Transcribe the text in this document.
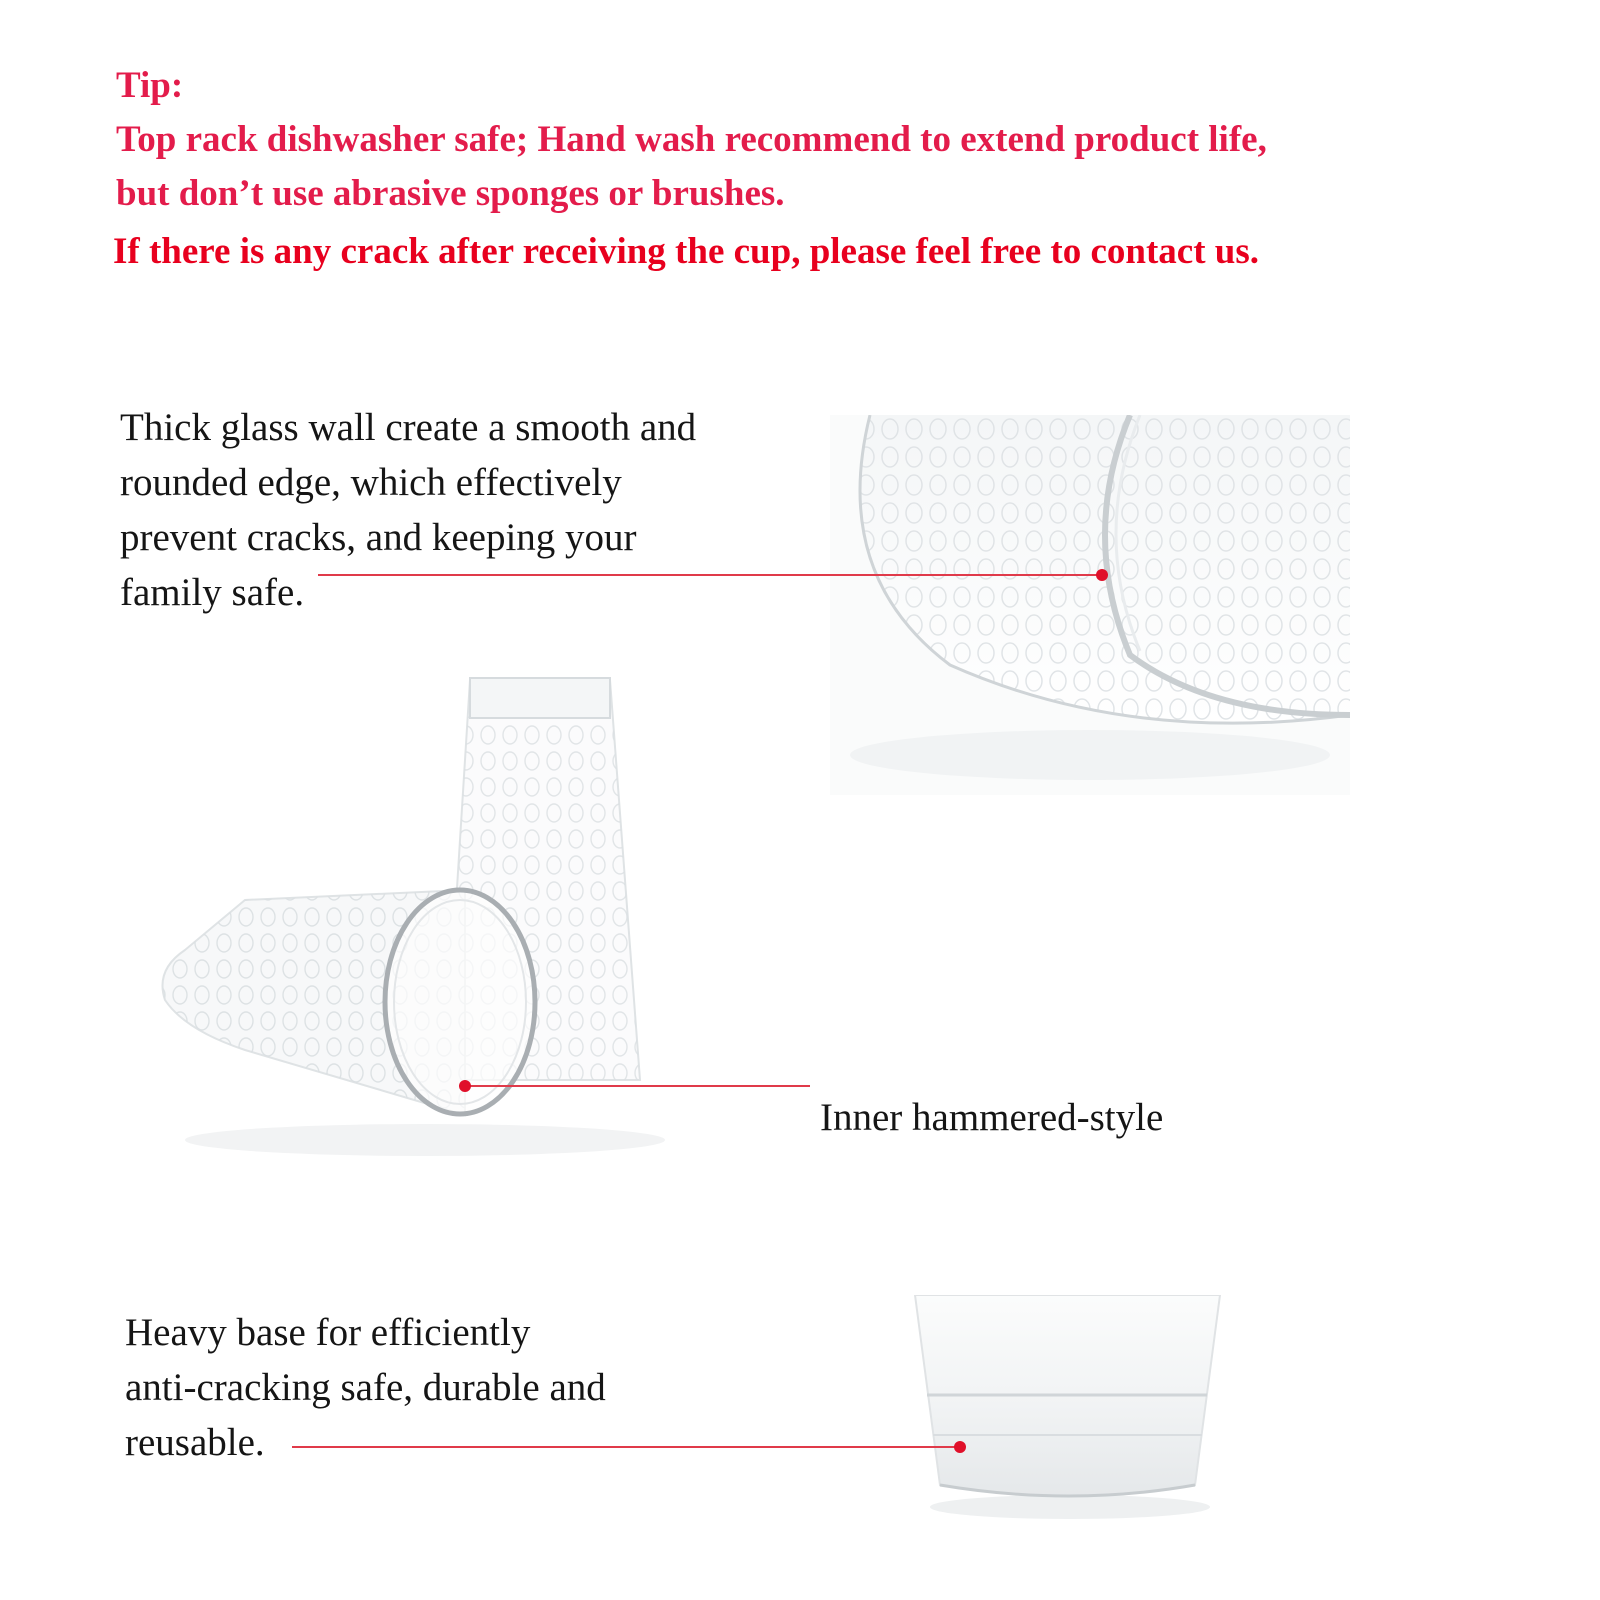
Tip:
Top rack dishwasher safe; Hand wash recommend to extend product life,
but don’t use abrasive sponges or brushes.
If there is any crack after receiving the cup, please feel free to contact us.
Thick glass wall create a smooth and
rounded edge, which effectively
prevent cracks, and keeping your
family safe.
Inner hammered-style
Heavy base for efficiently
anti-cracking safe, durable and
reusable.
